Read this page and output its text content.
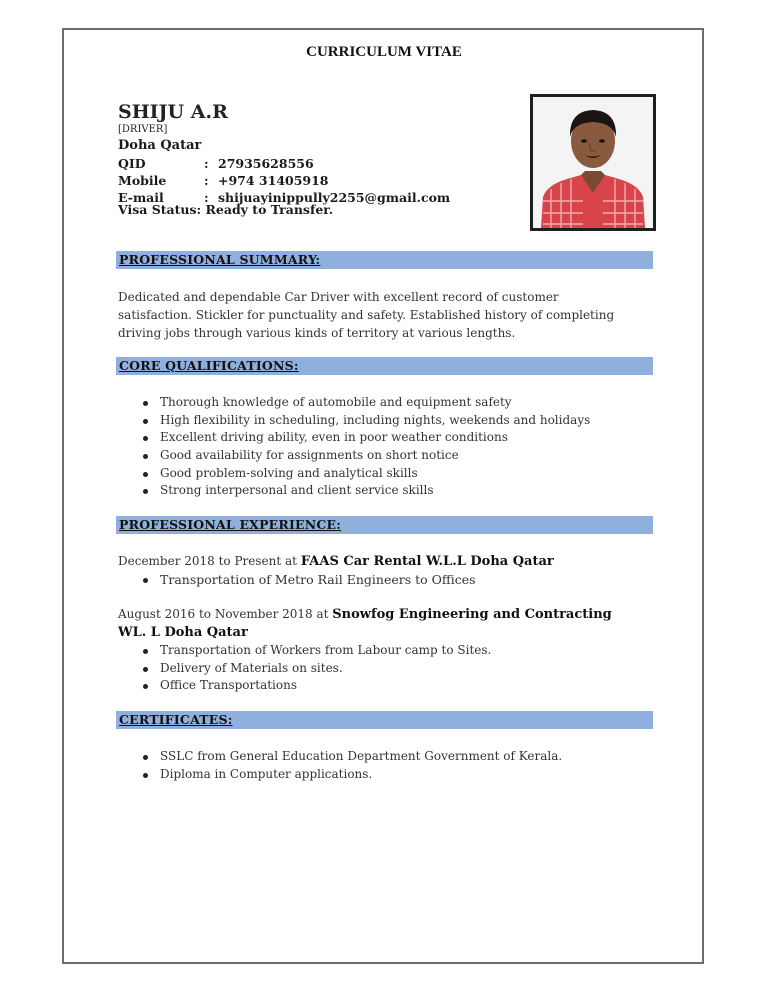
CURRICULUM VITAE
SHIJU A.R
[DRIVER]
Doha Qatar
QID	: 27935628556
Mobile	: +974 31405918
E-mail	: shijuayinippully2255@gmail.com
Visa Status: Ready to Transfer.
PROFESSIONAL SUMMARY:
Dedicated and dependable Car Driver with excellent record of customer
satisfaction. Stickler for punctuality and safety. Established history of completing
driving jobs through various kinds of territory at various lengths.
CORE QUALIFICATIONS:
Thorough knowledge of automobile and equipment safety
High flexibility in scheduling, including nights, weekends and holidays
Excellent driving ability, even in poor weather conditions
Good availability for assignments on short notice
Good problem-solving and analytical skills
Strong interpersonal and client service skills
PROFESSIONAL EXPERIENCE:
December 2018 to Present at FAAS Car Rental W.L.L Doha Qatar
Transportation of Metro Rail Engineers to Offices
August 2016 to November 2018 at Snowfog Engineering and Contracting
WL. L Doha Qatar
Transportation of Workers from Labour camp to Sites.
Delivery of Materials on sites.
Office Transportations
CERTIFICATES:
SSLC from General Education Department Government of Kerala.
Diploma in Computer applications.
